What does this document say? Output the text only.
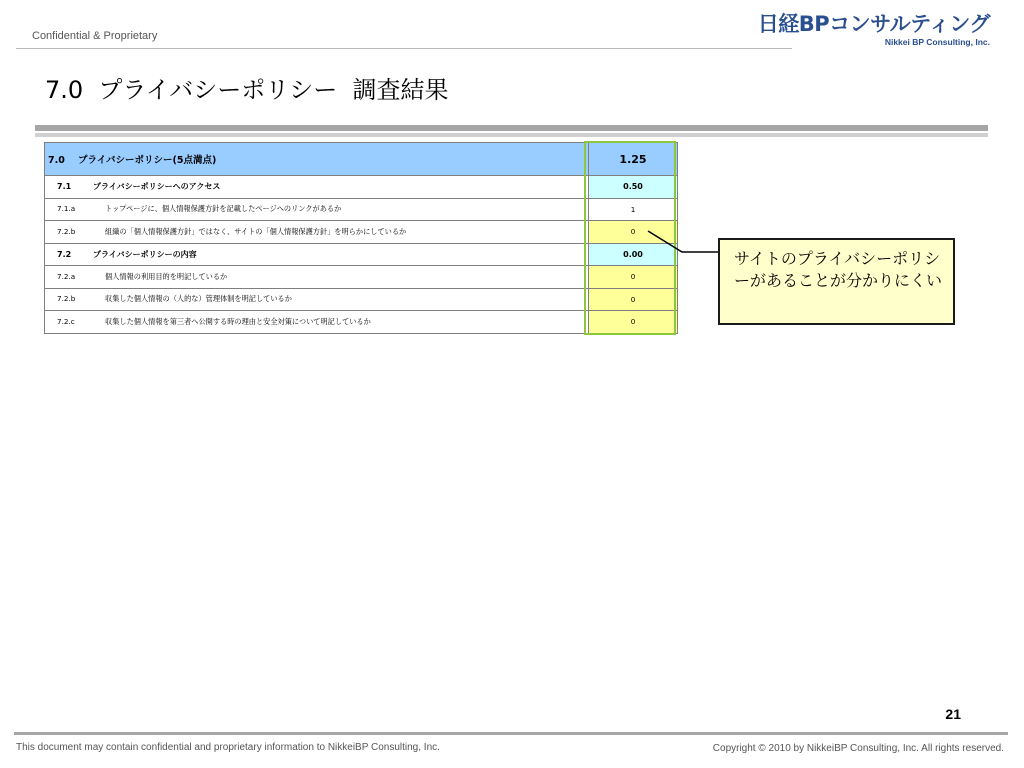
Confidential & Proprietary	日経BPコンサルティング
Nikkei BP Consulting, Inc.
7.0  プライバシーポリシー  調査結果
7.0 プライバシーポリシー(5点満点)	1.25
7.1 プライバシーポリシーへのアクセス	0.50
7.1.a トップページに、個人情報保護方針を記載したページへのリンクがあるか	1
7.2.b 組織の「個人情報保護方針」ではなく、サイトの「個人情報保護方針」を明らかにしているか	0
7.2 プライバシーポリシーの内容	0.00
7.2.a 個人情報の利用目的を明記しているか	0
7.2.b 収集した個人情報の（人的な）管理体制を明記しているか	0
7.2.c 収集した個人情報を第三者へ公開する時の理由と安全対策について明記しているか	0
サイトのプライバシーポリシーがあることが分かりにくい
21
This document may contain confidential and proprietary information to NikkeiBP Consulting, Inc.	Copyright © 2010 by NikkeiBP Consulting, Inc. All rights reserved.
